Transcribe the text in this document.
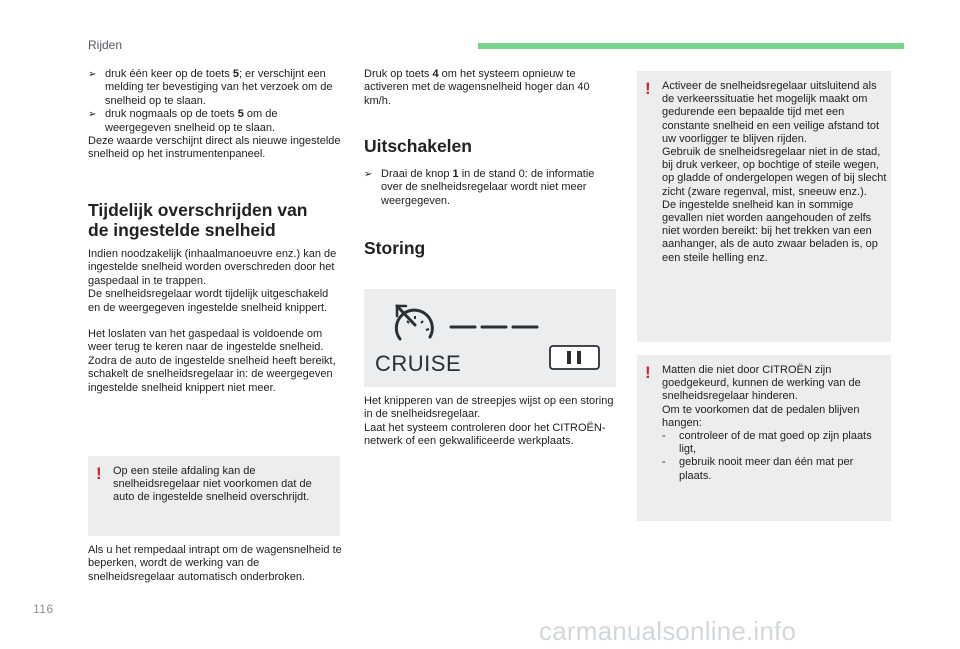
Rijden
➢ druk één keer op de toets 5; er verschijnt een melding ter bevestiging van het verzoek om de snelheid op te slaan.
➢ druk nogmaals op de toets 5 om de weergegeven snelheid op te slaan.

Deze waarde verschijnt direct als nieuwe ingestelde snelheid op het instrumentenpaneel.

Tijdelijk overschrijden van
de ingestelde snelheid

Indien noodzakelijk (inhaalmanoeuvre enz.) kan de ingestelde snelheid worden overschreden door het gaspedaal in te trappen.

De snelheidsregelaar wordt tijdelijk uitgeschakeld en de weergegeven ingestelde snelheid knippert.

Het loslaten van het gaspedaal is voldoende om weer terug te keren naar de ingestelde snelheid.

Zodra de auto de ingestelde snelheid heeft bereikt, schakelt de snelheidsregelaar in: de weergegeven ingestelde snelheid knippert niet meer.

! Op een steile afdaling kan de snelheidsregelaar niet voorkomen dat de auto de ingestelde snelheid overschrijdt.

Als u het rempedaal intrapt om de wagensnelheid te beperken, wordt de werking van de snelheidsregelaar automatisch onderbroken.

Druk op toets 4 om het systeem opnieuw te activeren met de wagensnelheid hoger dan 40 km/h.

Uitschakelen
➢ Draai de knop 1 in de stand 0: de informatie over de snelheidsregelaar wordt niet meer weergegeven.
Storing
CRUISE

Het knipperen van de streepjes wijst op een storing in de snelheidsregelaar.

Laat het systeem controleren door het CITROËN-netwerk of een gekwalificeerde werkplaats.

! Activeer de snelheidsregelaar uitsluitend als de verkeerssituatie het mogelijk maakt om gedurende een bepaalde tijd met een constante snelheid en een veilige afstand tot uw voorligger te blijven rijden.

Gebruik de snelheidsregelaar niet in de stad, bij druk verkeer, op bochtige of steile wegen, op gladde of ondergelopen wegen of bij slecht zicht (zware regenval, mist, sneeuw enz.).

De ingestelde snelheid kan in sommige gevallen niet worden aangehouden of zelfs niet worden bereikt: bij het trekken van een aanhanger, als de auto zwaar beladen is, op een steile helling enz.

! Matten die niet door CITROËN zijn goedgekeurd, kunnen de werking van de snelheidsregelaar hinderen.

Om te voorkomen dat de pedalen blijven hangen:

- controleer of de mat goed op zijn plaats ligt,
- gebruik nooit meer dan één mat per plaats.
116
carmanualsonline.info
